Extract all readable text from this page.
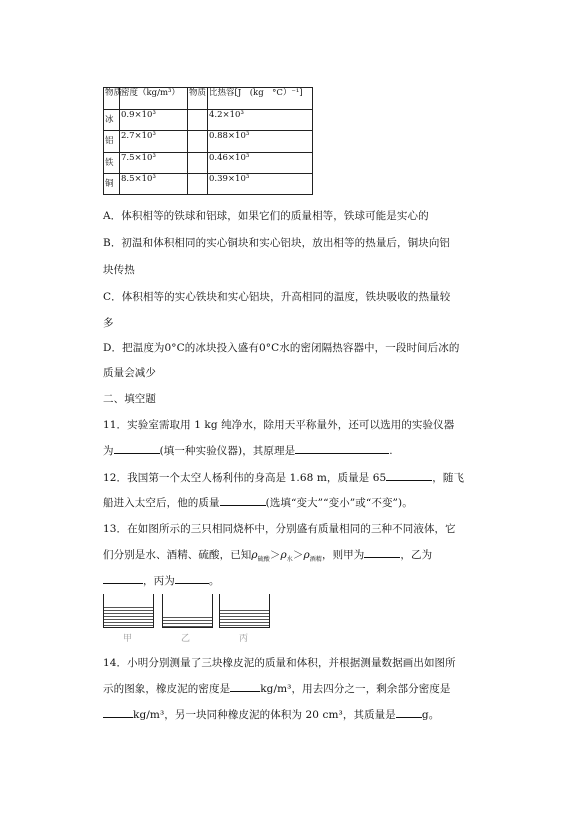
物质	密度（kg/m³）	物质	比热容[J　(kg　°C）⁻¹]
冰	0.9×10³		4.2×10³
铝	2.7×10³		0.88×10³
铁	7.5×10³		0.46×10³
铜	8.5×10³		0.39×10³
A．体积相等的铁球和铝球，如果它们的质量相等，铁球可能是实心的
B．初温和体积相同的实心铜块和实心铝块，放出相等的热量后，铜块向铝
块传热
C．体积相等的实心铁块和实心铝块，升高相同的温度，铁块吸收的热量较
多
D．把温度为0°C的冰块投入盛有0°C水的密闭隔热容器中，一段时间后冰的
质量会减少
二、填空题
11．实验室需取用 1 kg 纯净水，除用天平称量外，还可以选用的实验仪器
为	(填一种实验仪器)，其原理是	.
12．我国第一个太空人杨利伟的身高是 1.68 m，质量是 65	，随飞
船进入太空后，他的质量	(选填“变大”“变小”或“不变”)。
13．在如图所示的三只相同烧杯中，分别盛有质量相同的三种不同液体，它
们分别是水、酒精、硫酸，已知$\rho_{硫酸}>\rho_水>\rho_{酒精}$，则甲为	，乙为
，丙为	。
甲	乙	丙
14．小明分别测量了三块橡皮泥的质量和体积，并根据测量数据画出如图所
示的图象，橡皮泥的密度是	kg/m³，用去四分之一，剩余部分密度是
kg/m³，另一块同种橡皮泥的体积为 20 cm³，其质量是 g。
